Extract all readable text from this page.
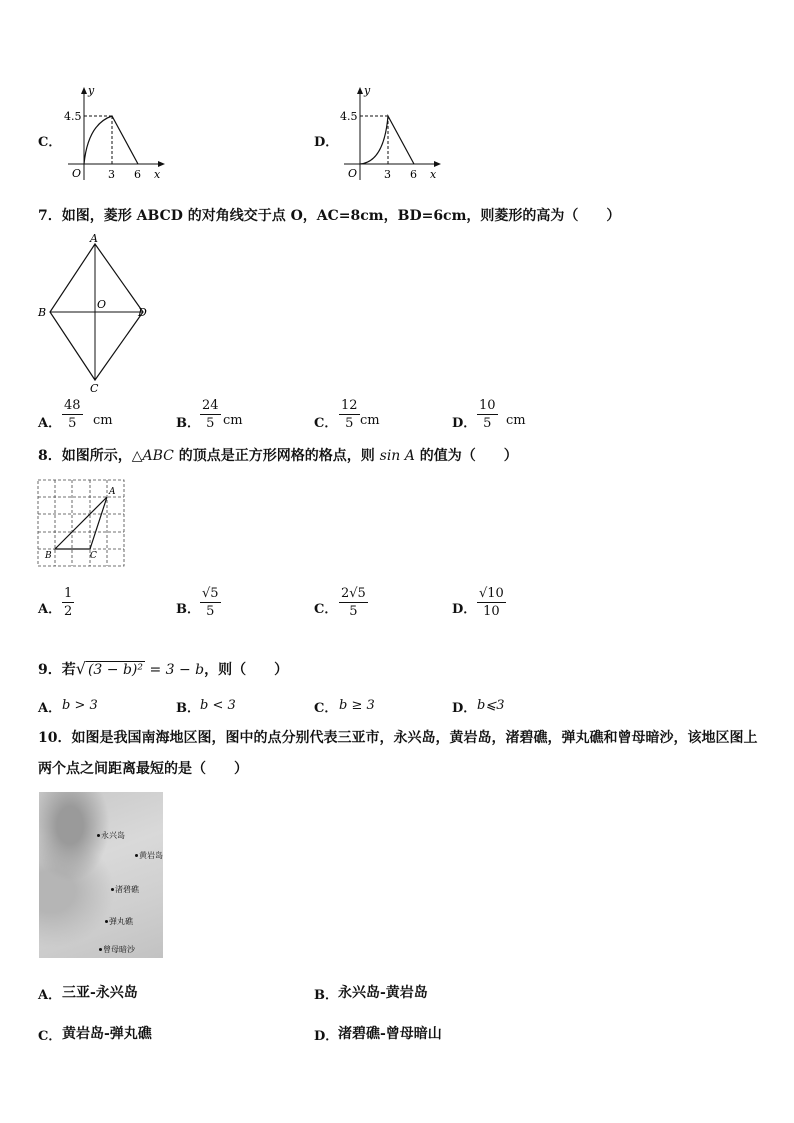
C．
y
4.5
O 3 6 x
D．
y
4.5
O 3 6 x
7．如图，菱形 ABCD 的对角线交于点 O，AC=8cm，BD=6cm，则菱形的高为（　　）
A
B
C
D
O
A．
48
5 cm	B．
24
5 cm	C．
12
5 cm	D．
10
5 cm
8．如图所示，△ABC 的顶点是正方形网格的格点，则 sin A 的值为（　　）
A
B	C
A．
1
2	B．
√5
5	C．
2√5
5	D．
√10
10
9．若√ (3 − b)² = 3 − b，则（　　）
A． b > 3	B． b < 3	C． b ≥ 3	D． b⩽3
10．如图是我国南海地区图，图中的点分别代表三亚市，永兴岛，黄岩岛，渚碧礁，弹丸礁和曾母暗沙，该地区图上
两个点之间距离最短的是（　　）
永兴岛
黄岩岛
渚碧礁
弹丸礁
曾母暗沙
A． 三亚-永兴岛	B． 永兴岛-黄岩岛
C． 黄岩岛-弹丸礁	D． 渚碧礁-曾母暗山
